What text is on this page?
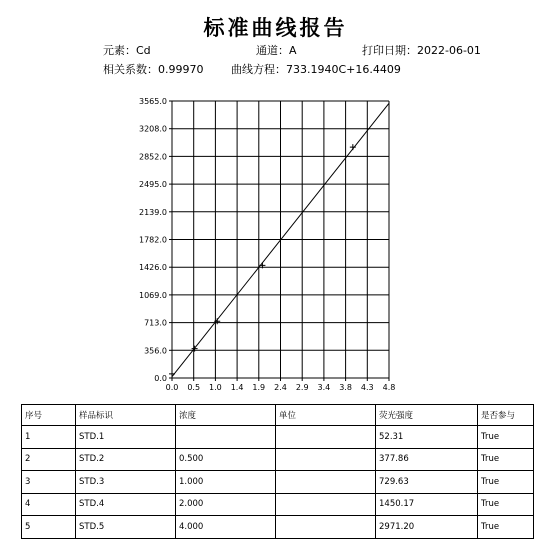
标准曲线报告
元素：Cd	通道：A	打印日期：2022-06-01
相关系数：0.99970	曲线方程：733.1940C+16.4409
0.0
356.0
713.0
1069.0
1426.0
1782.0
2139.0
2495.0
2852.0
3208.0
3565.0
0.0 0.5 1.0 1.4 1.9 2.4 2.9 3.4 3.8 4.3 4.8
序号	样品标识	浓度	单位	荧光强度	是否参与
1	STD.1			52.31	True
2	STD.2	0.500		377.86	True
3	STD.3	1.000		729.63	True
4	STD.4	2.000		1450.17	True
5	STD.5	4.000		2971.20	True
